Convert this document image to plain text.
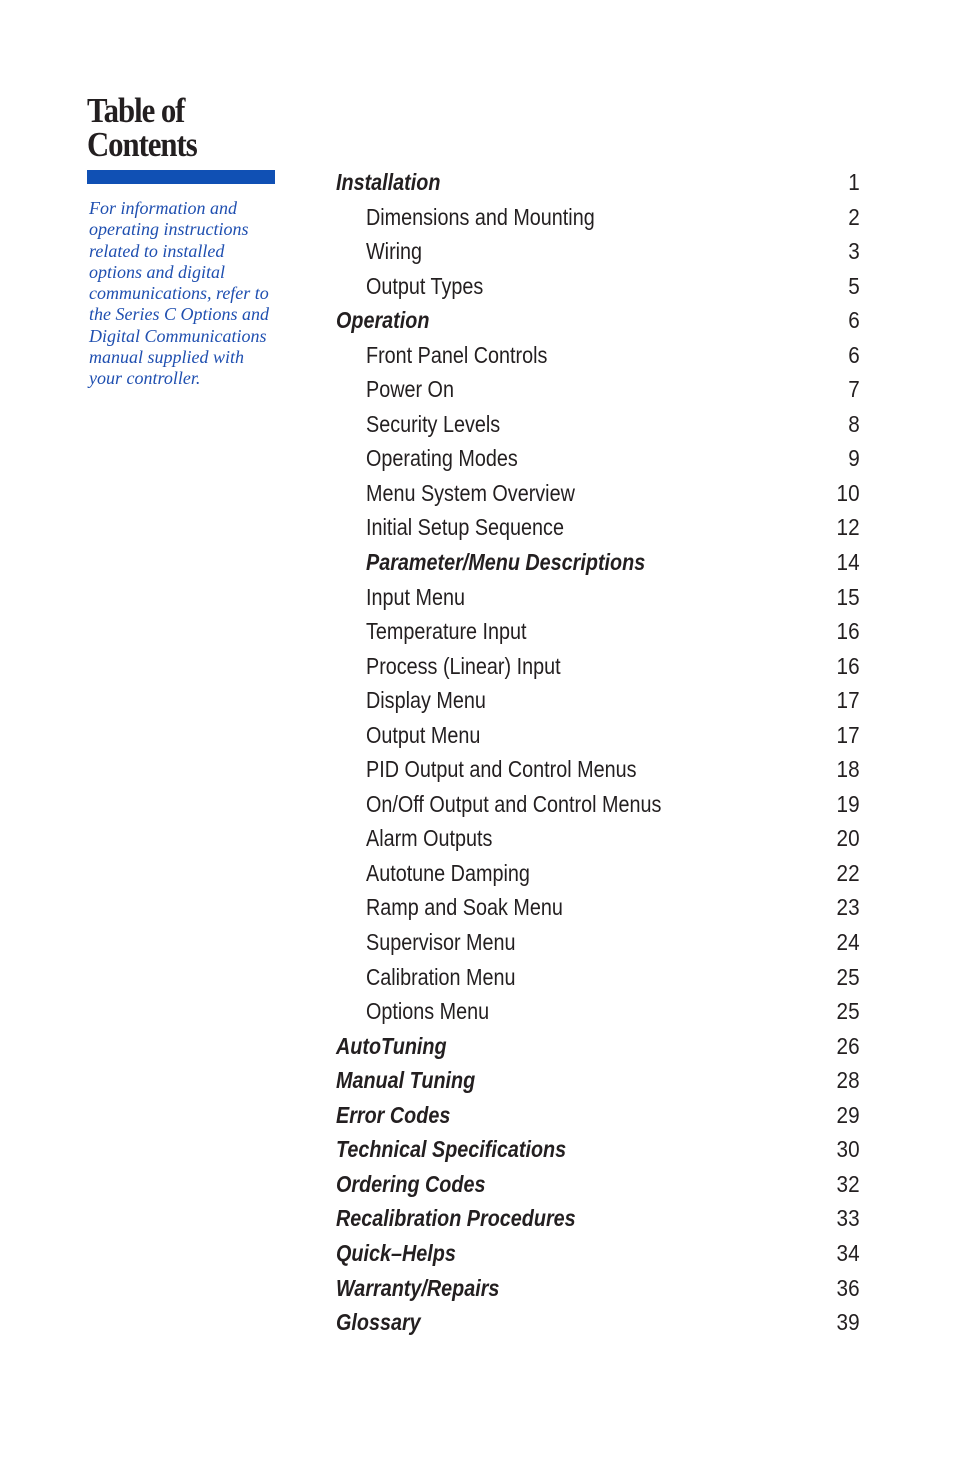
Table of
Contents

For information and operating instructions related to installed options and digital communications, refer to the Series C Options and Digital Communications manual supplied with your controller.

Installation	1
Dimensions and Mounting	2
Wiring	3
Output Types	5
Operation	6
Front Panel Controls	6
Power On	7
Security Levels	8
Operating Modes	9
Menu System Overview	10
Initial Setup Sequence	12
Parameter/Menu Descriptions	14
Input Menu	15
Temperature Input	16
Process (Linear) Input	16
Display Menu	17
Output Menu	17
PID Output and Control Menus	18
On/Off Output and Control Menus	19
Alarm Outputs	20
Autotune Damping	22
Ramp and Soak Menu	23
Supervisor Menu	24
Calibration Menu	25
Options Menu	25
AutoTuning	26
Manual Tuning	28
Error Codes	29
Technical Specifications	30
Ordering Codes	32
Recalibration Procedures	33
Quick–Helps	34
Warranty/Repairs	36
Glossary	39
